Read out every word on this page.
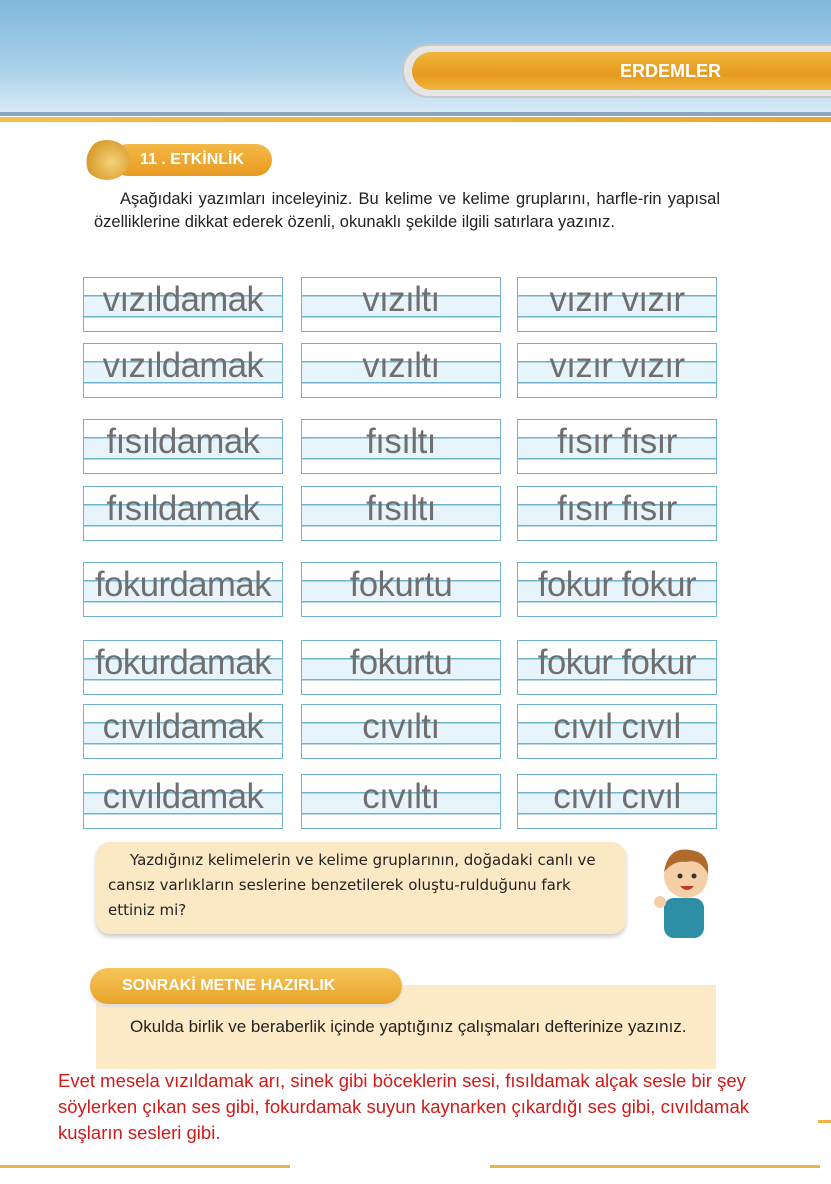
ERDEMLER
11 . ETKİNLİK
Aşağıdaki yazımları inceleyiniz. Bu kelime ve kelime gruplarını, harfle-rin yapısal özelliklerine dikkat ederek özenli, okunaklı şekilde ilgili satırlara yazınız.
vızıldamak	vızıltı	vızır vızır
vızıldamak	vızıltı	vızır vızır
fısıldamak	fısıltı	fısır fısır
fısıldamak	fısıltı	fısır fısır
fokurdamak	fokurtu	fokur fokur
fokurdamak	fokurtu	fokur fokur
cıvıldamak	cıvıltı	cıvıl cıvıl
cıvıldamak	cıvıltı	cıvıl cıvıl

Yazdığınız kelimelerin ve kelime gruplarının, doğadaki canlı ve cansız varlıkların seslerine benzetilerek oluştu-rulduğunu fark ettiniz mi?

SONRAKİ METNE HAZIRLIK

Okulda birlik ve beraberlik içinde yaptığınız çalışmaları defterinize yazınız.

Evet mesela vızıldamak arı, sinek gibi böceklerin sesi, fısıldamak alçak sesle bir şey söylerken çıkan ses gibi, fokurdamak suyun kaynarken çıkardığı ses gibi, cıvıldamak kuşların sesleri gibi.
